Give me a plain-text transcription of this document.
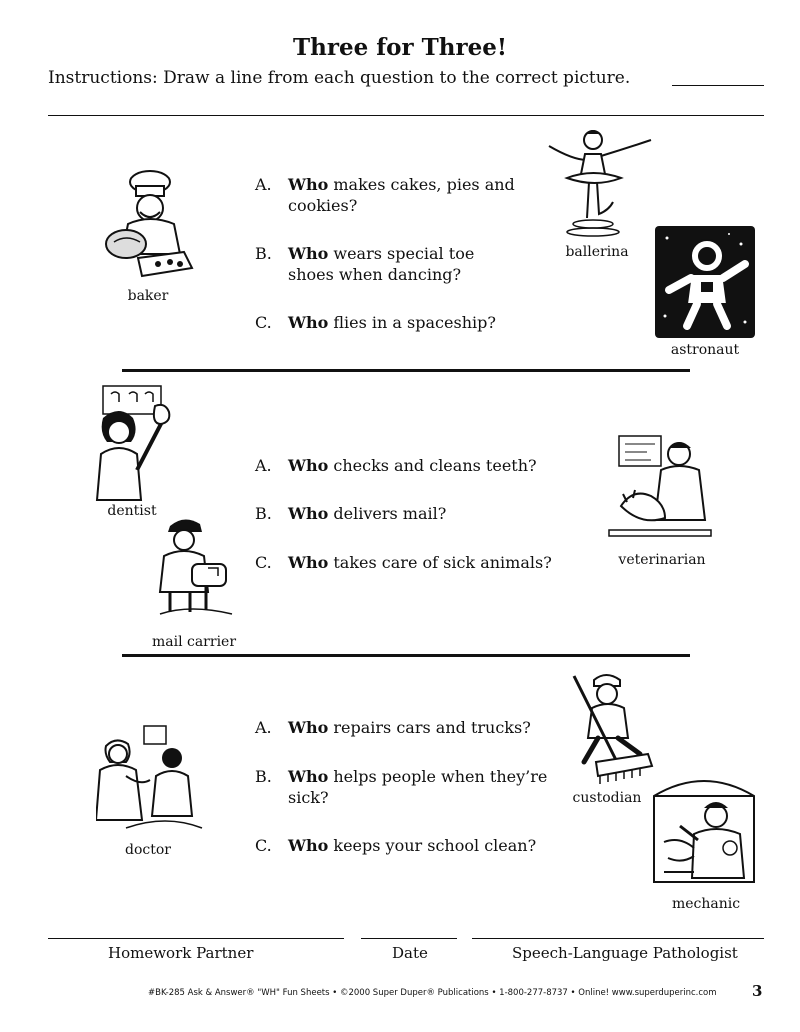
Three for Three!
Instructions: Draw a line from each question to the correct picture.
A. Who makes cakes, pies and cookies?
B. Who wears special toe shoes when dancing?
C. Who flies in a spaceship?
baker
ballerina
astronaut
A. Who checks and cleans teeth?
B. Who delivers mail?
C. Who takes care of sick animals?
dentist
mail carrier
veterinarian
A. Who repairs cars and trucks?
B. Who helps people when they’re sick?
C. Who keeps your school clean?
doctor
custodian
mechanic
Homework Partner	Date	Speech-Language Pathologist
#BK-285 Ask & Answer® "WH" Fun Sheets • ©2000 Super Duper® Publications • 1-800-277-8737 • Online! www.superduperinc.com 3
